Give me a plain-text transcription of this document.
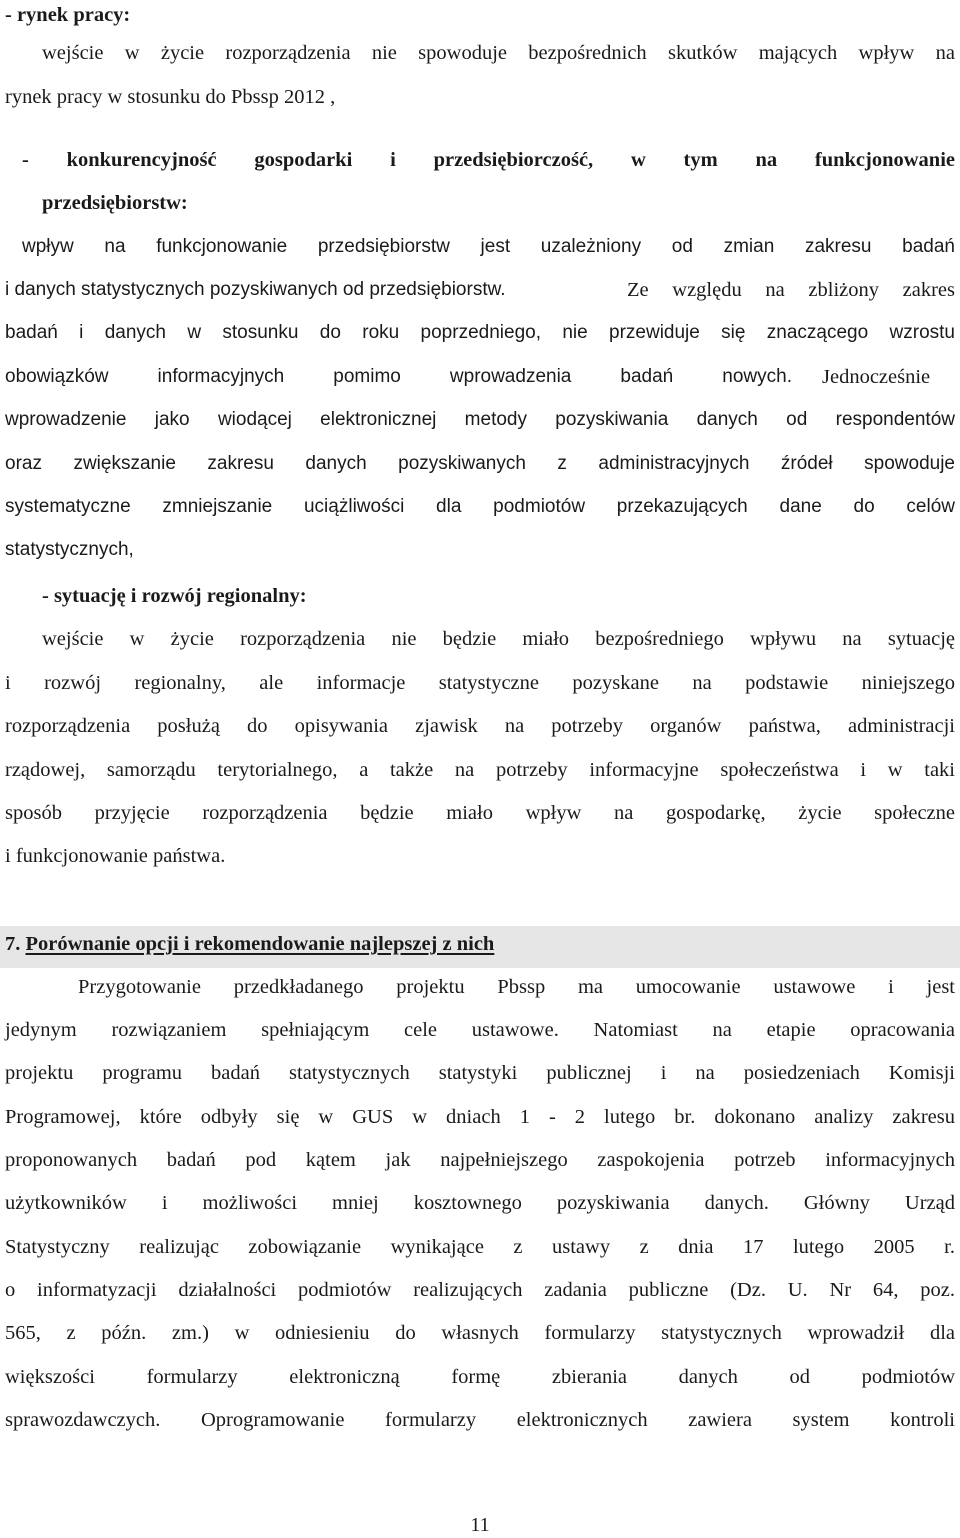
- rynek pracy:
wejście w życie rozporządzenia nie spowoduje bezpośrednich skutków mających wpływ na
rynek pracy w stosunku do Pbssp 2012 ,
- konkurencyjność gospodarki i przedsiębiorczość, w tym na funkcjonowanie
przedsiębiorstw:
wpływ na funkcjonowanie przedsiębiorstw jest uzależniony od zmian zakresu badań
i danych statystycznych pozyskiwanych od przedsiębiorstw.	Ze względu na zbliżony zakres
badań i danych w stosunku do roku poprzedniego, nie przewiduje się znaczącego wzrostu
obowiązków informacyjnych pomimo wprowadzenia badań nowych. Jednocześnie
wprowadzenie jako wiodącej elektronicznej metody pozyskiwania danych od respondentów
oraz zwiększanie zakresu danych pozyskiwanych z administracyjnych źródeł spowoduje
systematyczne zmniejszanie uciążliwości dla podmiotów przekazujących dane do celów
statystycznych,
- sytuację i rozwój regionalny:
wejście w życie rozporządzenia nie będzie miało bezpośredniego wpływu na sytuację
i rozwój regionalny, ale informacje statystyczne pozyskane na podstawie niniejszego
rozporządzenia posłużą do opisywania zjawisk na potrzeby organów państwa, administracji
rządowej, samorządu terytorialnego, a także na potrzeby informacyjne społeczeństwa i w taki
sposób przyjęcie rozporządzenia będzie miało wpływ na gospodarkę, życie społeczne
i funkcjonowanie państwa.
7. Porównanie opcji i rekomendowanie najlepszej z nich
Przygotowanie przedkładanego projektu Pbssp ma umocowanie ustawowe i jest
jedynym rozwiązaniem spełniającym cele ustawowe. Natomiast na etapie opracowania
projektu programu badań statystycznych statystyki publicznej i na posiedzeniach Komisji
Programowej, które odbyły się w GUS w dniach 1 - 2 lutego br. dokonano analizy zakresu
proponowanych badań pod kątem jak najpełniejszego zaspokojenia potrzeb informacyjnych
użytkowników i możliwości mniej kosztownego pozyskiwania danych. Główny Urząd
Statystyczny realizując zobowiązanie wynikające z ustawy z dnia 17 lutego 2005 r.
o informatyzacji działalności podmiotów realizujących zadania publiczne (Dz. U. Nr 64, poz.
565, z późn. zm.) w odniesieniu do własnych formularzy statystycznych wprowadził dla
większości formularzy elektroniczną formę zbierania danych od podmiotów
sprawozdawczych. Oprogramowanie formularzy elektronicznych zawiera system kontroli
11
